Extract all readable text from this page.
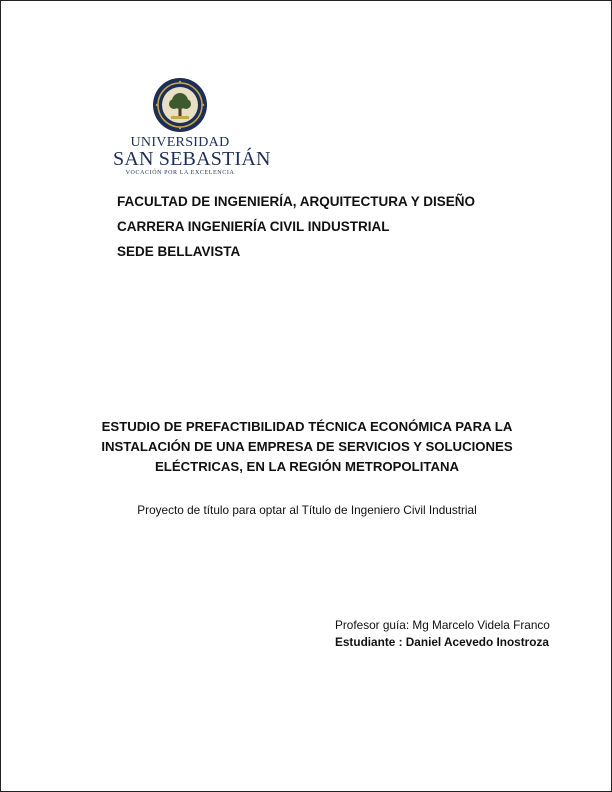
UNIVERSIDAD
SAN SEBASTIÁN
VOCACIÓN POR LA EXCELENCIA
FACULTAD DE INGENIERÍA, ARQUITECTURA Y DISEÑO
CARRERA INGENIERÍA CIVIL INDUSTRIAL
SEDE BELLAVISTA
ESTUDIO DE PREFACTIBILIDAD TÉCNICA ECONÓMICA PARA LA
INSTALACIÓN DE UNA EMPRESA DE SERVICIOS Y SOLUCIONES
ELÉCTRICAS, EN LA REGIÓN METROPOLITANA
Proyecto de título para optar al Título de Ingeniero Civil Industrial
Profesor guía: Mg Marcelo Videla Franco
Estudiante : Daniel Acevedo Inostroza
